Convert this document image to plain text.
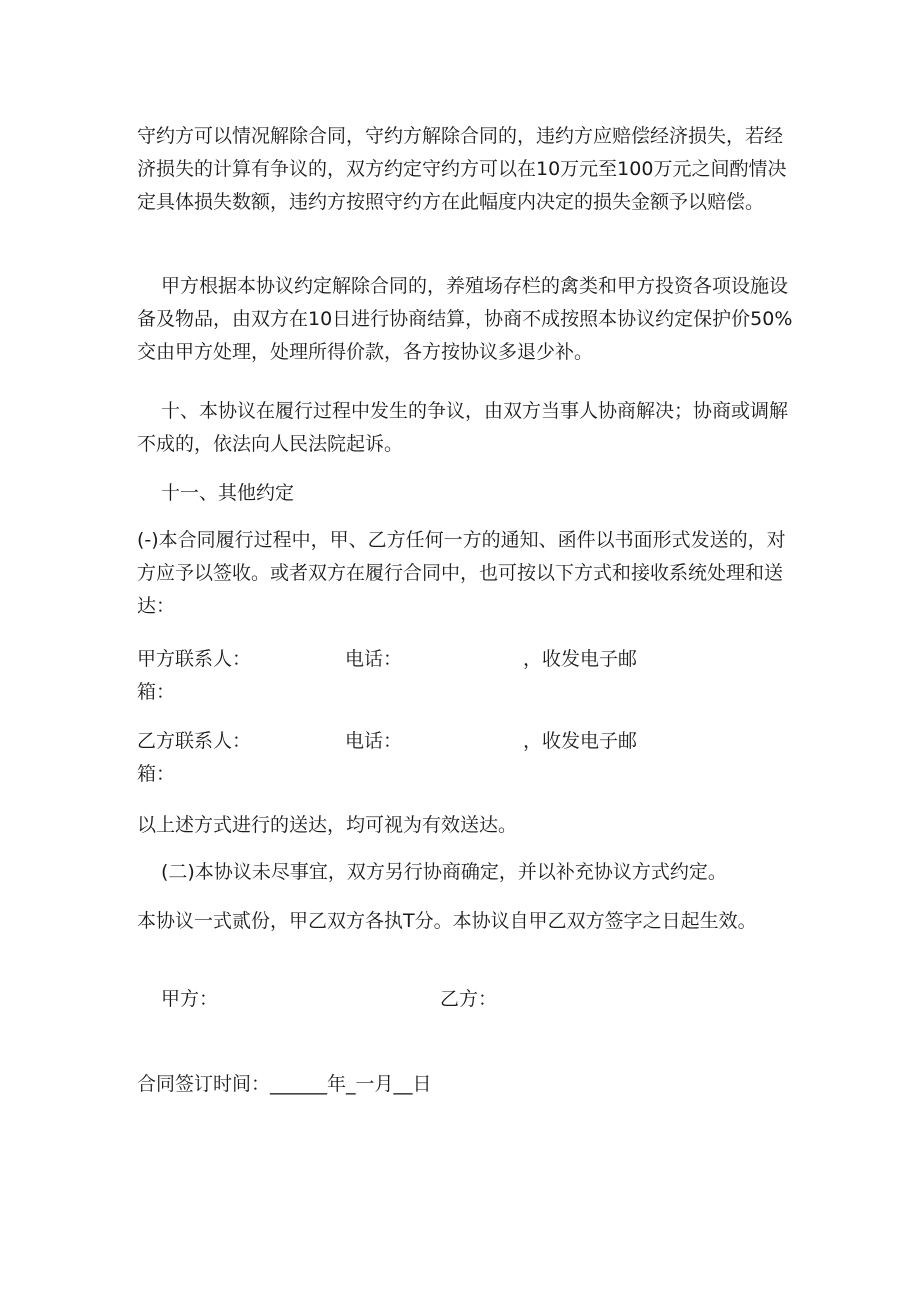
守约方可以情况解除合同，守约方解除合同的，违约方应赔偿经济损失，若经济损失的计算有争议的，双方约定守约方可以在10万元至100万元之间酌情决定具体损失数额，违约方按照守约方在此幅度内决定的损失金额予以赔偿。

甲方根据本协议约定解除合同的，养殖场存栏的禽类和甲方投资各项设施设备及物品，由双方在10日进行协商结算，协商不成按照本协议约定保护价50%交由甲方处理，处理所得价款，各方按协议多退少补。

十、本协议在履行过程中发生的争议，由双方当事人协商解决；协商或调解不成的，依法向人民法院起诉。

十一、其他约定

(-)本合同履行过程中，甲、乙方任何一方的通知、函件以书面形式发送的，对方应予以签收。或者双方在履行合同中，也可按以下方式和接收系统处理和送达：

甲方联系人：	电话：	，收发电子邮
箱：
乙方联系人：	电话：	，收发电子邮
箱：

以上述方式进行的送达，均可视为有效送达。

(二)本协议未尽事宜，双方另行协商确定，并以补充协议方式约定。

本协议一式贰份，甲乙双方各执T分。本协议自甲乙双方签字之日起生效。

甲方：	乙方：
合同签订时间：______年_一月__日
